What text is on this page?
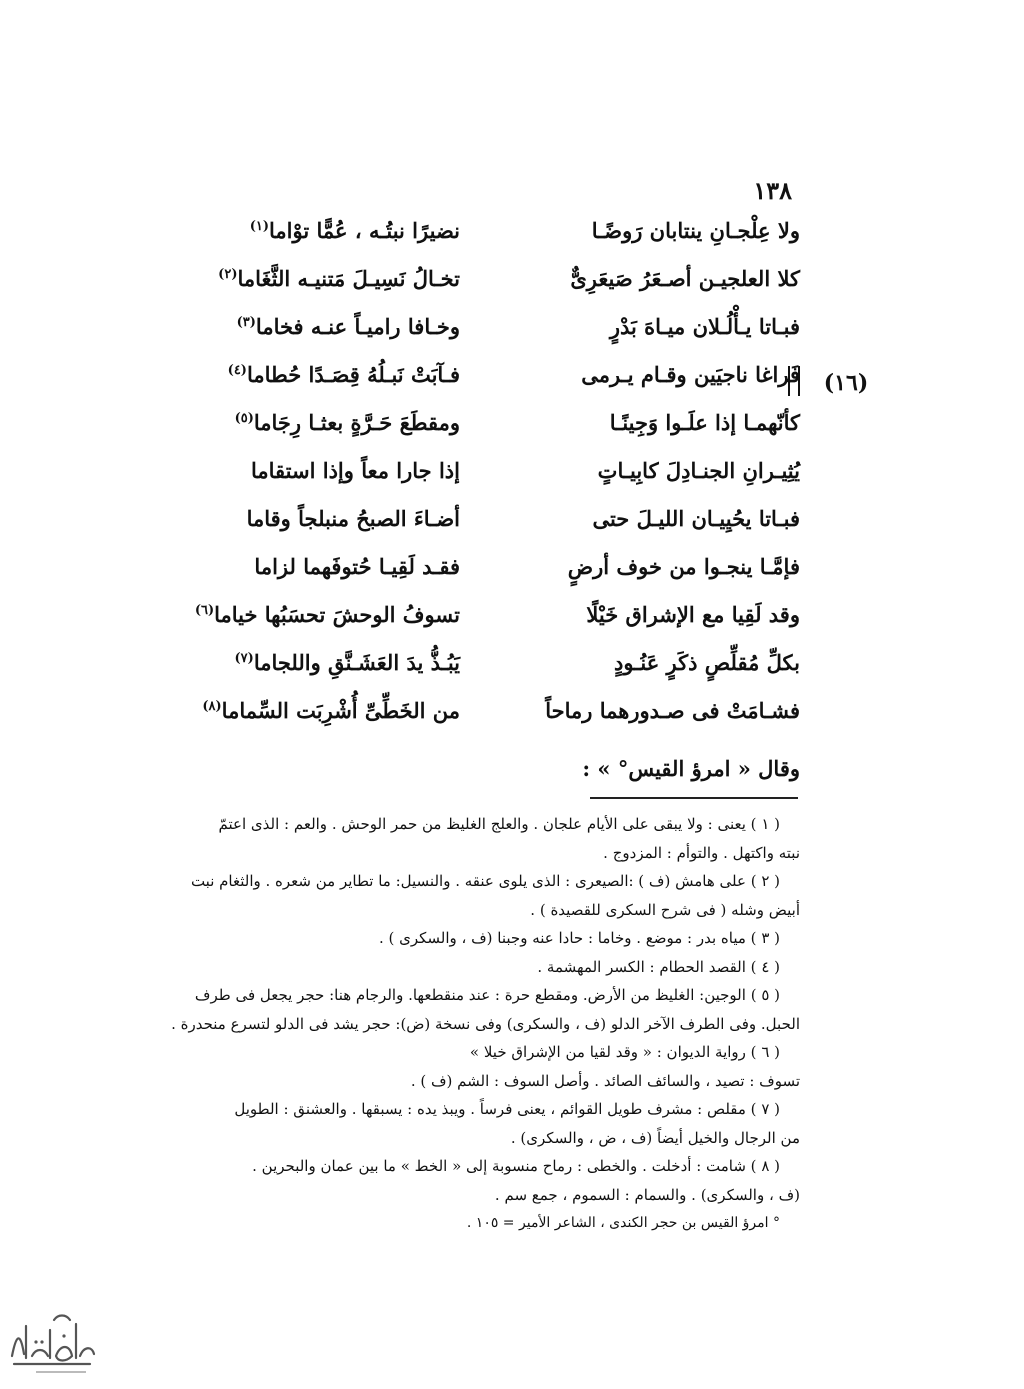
١٣٨
(١٦)
ولا عِلْجـانِ ينتابان رَوضًـا
نضيرًا نبتُـه ، عُمًّا توْاما$^{(١)}$
كلا العلجيـن أصـعَرُ صَيعَرِىٌّ
تخـالُ نَسِيـلَ مَتنيـه الثَّغَاما$^{(٢)}$
فبـاتا يـأْلُـلان ميـاهَ بَدْرٍ
وخـافا راميـاً عنـه فخاما$^{(٣)}$
فَراغا ناجيَين وقـام يـرمى
فـآبَتْ نَبـلُهُ قِصَـدًا حُطاما$^{(٤)}$
كأنّهمـا إذا علَـوا وَجِينًـا
ومقطَعَ حَـرَّةٍ بعثـا رِجَاما$^{(٥)}$
يُثِيـرانِ الجنـادِلَ كابِيـاتٍ
إذا جارا معاً وإذا استقاما
فبـاتا يحُيِيـان الليـلَ حتى
أضـاءَ الصبحُ منبلجاً وقاما
فإمَّـا ينجـوا من خوف أرضٍ
فقـد لَقِيـا حُتوفَهما لزاما
وقد لَقِيا مع الإشراق خَيْلًا
تسوفُ الوحشَ تحسَبُها خياما$^{(٦)}$
بكلِّ مُقلِّصٍ ذكَرٍ عَنُـودٍ
يَبُـذُّ يدَ العَشَـنَّقِ واللجاما$^{(٧)}$
فشـامَتْ فى صـدورهما رماحاً
من الخَطِّىِّ أُشْرِبَت السِّماما$^{(٨)}$
وقال « امرؤ القيس° » :
( ١ ) يعنى : ولا يبقى على الأيام علجان . والعلج الغليظ من حمر الوحش . والعم : الذى اعتمّ
نبته واكتهل . والتوأم : المزدوج .
( ٢ ) على هامش (ف ) :الصيعرى : الذى يلوى عنقه . والنسيل: ما تطاير من شعره . والثغام نبت
أبيض وشله ( فى شرح السكرى للقصيدة ) .
( ٣ ) مياه بدر : موضع . وخاما : حادا عنه وجبنا (ف ، والسكرى ) .
( ٤ ) القصد الحطام : الكسر المهشمة .
( ٥ ) الوجين: الغليظ من الأرض. ومقطع حرة : عند منقطعها. والرجام هنا: حجر يجعل فى طرف
الحبل. وفى الطرف الآخر الدلو (ف ، والسكرى) وفى نسخة (ض): حجر يشد فى الدلو لتسرع منحدرة .
( ٦ ) رواية الديوان : « وقد لقيا من الإشراق خيلا »
تسوف : تصيد ، والسائف الصائد . وأصل السوف : الشم (ف ) .
( ٧ ) مقلص : مشرف طويل القوائم ، يعنى فرساً . ويبذ يده : يسبقها . والعشنق : الطويل
من الرجال والخيل أيضاً (ف ، ض ، والسكرى) .
( ٨ ) شامت : أدخلت . والخطى : رماح منسوبة إلى « الخط » ما بين عمان والبحرين .
(ف ، والسكرى) . والسمام : السموم ، جمع سم .
° امرؤ القيس بن حجر الكندى ، الشاعر الأمير = ١٠٥ .
